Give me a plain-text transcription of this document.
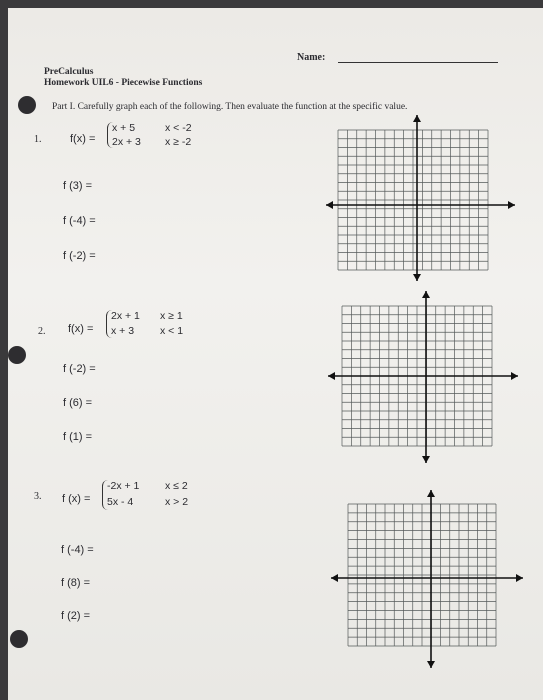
Name:
PreCalculus
Homework UIL6 - Piecewise Functions
Part I. Carefully graph each of the following. Then evaluate the function at the specific value.
1.	f(x) =
x + 5	x < -2
2x + 3 x ≥ -2
f (3) =
f (-4) =
f (-2) =
2. f(x) =
2x + 1 x ≥ 1
x + 3 x < 1
f (-2) =
f (6) =
f (1) =
3. f (x) =
-2x + 1 x ≤ 2
5x - 4	x > 2
f (-4) =
f (8) =
f (2) =
